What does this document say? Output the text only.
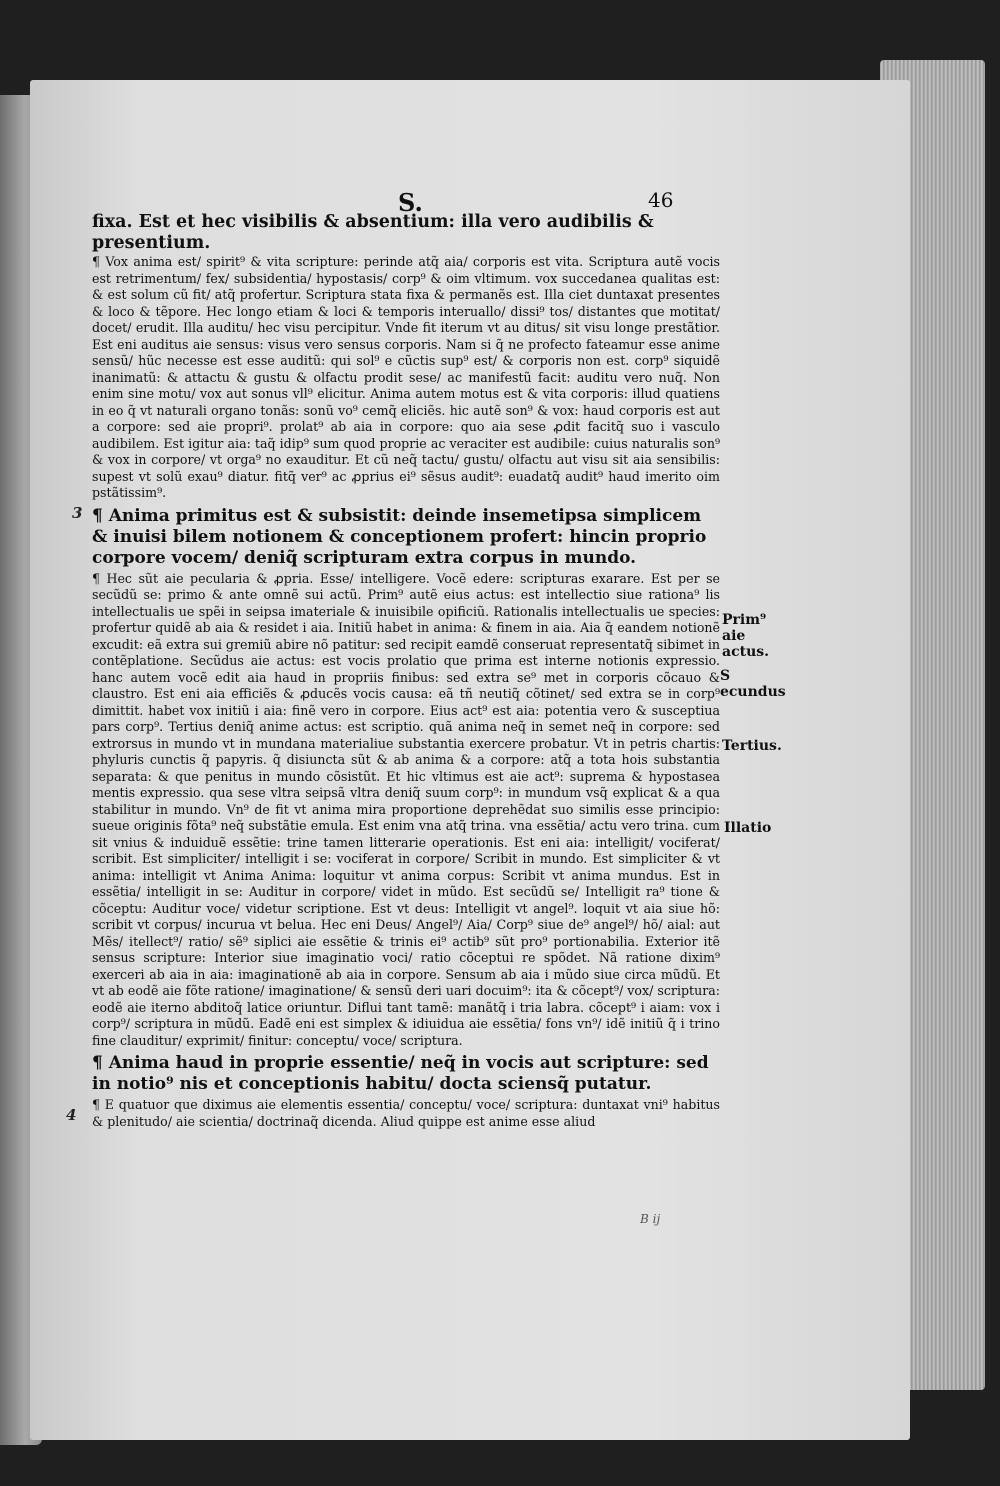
S.	46

fixa. Est et hec visibilis & absentium: illa vero audibilis & presentium.

¶ Vox anima est/ spirit⁹ & vita scripture: perinde atq̃ aia/ corporis est vita. Scriptura autẽ vocis est retrimentum/ fex/ subsidentia/ hypostasis/ corp⁹ & oim vltimum. vox succedanea qualitas est: & est solum cũ fit/ atq̃ profertur. Scriptura stata fixa & permanẽs est. Illa ciet duntaxat presentes & loco & tẽpore. Hec longo etiam & loci & temporis interuallo/ dissi⁹ tos/ distantes que motitat/ docet/ erudit. Illa auditu/ hec visu percipitur. Vnde fit iterum vt au ditus/ sit visu longe prestãtior. Est eni auditus aie sensus: visus vero sensus corporis. Nam si q̃ ne profecto fateamur esse anime sensũ/ hũc necesse est esse auditũ: qui sol⁹ e cũctis sup⁹ est/ & corporis non est. corp⁹ siquidẽ inanimatũ: & attactu & gustu & olfactu prodit sese/ ac manifestũ facit: auditu vero nuq̃. Non enim sine motu/ vox aut sonus vll⁹ elicitur. Anima autem motus est & vita corporis: illud quatiens in eo q̃ vt naturali organo tonãs: sonũ vo⁹ cemq̃ eliciẽs. hic autẽ son⁹ & vox: haud corporis est aut a corpore: sed aie propri⁹. prolat⁹ ab aia in corpore: quo aia sese ꝓdit facitq̃ suo i vasculo audibilem. Est igitur aia: taq̃ idip⁹ sum quod proprie ac veraciter est audibile: cuius naturalis son⁹ & vox in corpore/ vt orga⁹ no exauditur. Et cũ neq̃ tactu/ gustu/ olfactu aut visu sit aia sensibilis: supest vt solũ exau⁹ diatur. fitq̃ ver⁹ ac ꝓprius ei⁹ sẽsus audit⁹: euadatq̃ audit⁹ haud imerito oim pstãtissim⁹.

¶ Anima primitus est & subsistit: deinde insemetipsa simplicem & inuisi bilem notionem & conceptionem profert: hincin proprio corpore vocem/ deniq̃ scripturam extra corpus in mundo.

¶ Hec sũt aie pecularia & ꝓpria. Esse/ intelligere. Vocẽ edere: scripturas exarare. Est per se secũdũ se: primo & ante omnẽ sui actũ. Prim⁹ autẽ eius actus: est intellectio siue rationa⁹ lis intellectualis ue spẽi in seipsa imateriale & inuisibile opificiũ. Rationalis intellectualis ue species: profertur quidẽ ab aia & residet i aia. Initiũ habet in anima: & finem in aia. Aia q̃ eandem notionẽ excudit: eã extra sui gremiũ abire nõ patitur: sed recipit eamdẽ conseruat representatq̃ sibimet in contẽplatione. Secũdus aie actus: est vocis prolatio que prima est interne notionis expressio. hanc autem vocẽ edit aia haud in propriis finibus: sed extra se⁹ met in corporis cõcauo & claustro. Est eni aia efficiẽs & ꝓducẽs vocis causa: eã tñ neutiq̃ cõtinet/ sed extra se in corp⁹ dimittit. habet vox initiũ i aia: finẽ vero in corpore. Eius act⁹ est aia: potentia vero & susceptiua pars corp⁹. Tertius deniq̃ anime actus: est scriptio. quã anima neq̃ in semet neq̃ in corpore: sed extrorsus in mundo vt in mundana materialiue substantia exercere probatur. Vt in petris chartis: phyluris cunctis q̃ papyris. q̃ disiuncta sũt & ab anima & a corpore: atq̃ a tota hois substantia separata: & que penitus in mundo cõsistũt. Et hic vltimus est aie act⁹: suprema & hypostasea mentis expressio. qua sese vltra seipsã vltra deniq̃ suum corp⁹: in mundum vsq̃ explicat & a qua stabilitur in mundo. Vn⁹ de fit vt anima mira proportione deprehẽdat suo similis esse principio: sueue originis fõta⁹ neq̃ substãtie emula. Est enim vna atq̃ trina. vna essẽtia/ actu vero trina. cum sit vnius & induiduẽ essẽtie: trine tamen litterarie operationis. Est eni aia: intelligit/ vociferat/ scribit. Est simpliciter/ intelligit i se: vociferat in corpore/ Scribit in mundo. Est simpliciter & vt anima: intelligit vt Anima Anima: loquitur vt anima corpus: Scribit vt anima mundus. Est in essẽtia/ intelligit in se: Auditur in corpore/ videt in mũdo. Est secũdũ se/ Intelligit ra⁹ tione & cõceptu: Auditur voce/ videtur scriptione. Est vt deus: Intelligit vt angel⁹. loquit vt aia siue hõ: scribit vt corpus/ incurua vt belua. Hec eni Deus/ Angel⁹/ Aia/ Corp⁹ siue de⁹ angel⁹/ hõ/ aial: aut Mẽs/ itellect⁹/ ratio/ sẽ⁹ siplici aie essẽtie & trinis ei⁹ actib⁹ sũt pro⁹ portionabilia. Exterior itẽ sensus scripture: Interior siue imaginatio voci/ ratio cõceptui re spõdet. Nã ratione dixim⁹ exerceri ab aia in aia: imaginationẽ ab aia in corpore. Sensum ab aia i mũdo siue circa mũdũ. Et vt ab eodẽ aie fõte ratione/ imaginatione/ & sensũ deri uari docuim⁹: ita & cõcept⁹/ vox/ scriptura: eodẽ aie iterno abditoq̃ latice oriuntur. Diflui tant tamẽ: manãtq̃ i tria labra. cõcept⁹ i aiam: vox i corp⁹/ scriptura in mũdũ. Eadẽ eni est simplex & idiuidua aie essẽtia/ fons vn⁹/ idẽ initiũ q̃ i trino fine clauditur/ exprimit/ finitur: conceptu/ voce/ scriptura.

¶ Anima haud in proprie essentie/ neq̃ in vocis aut scripture: sed in notio⁹ nis et conceptionis habitu/ docta sciensq̃ putatur.

¶ E quatuor que diximus aie elementis essentia/ conceptu/ voce/ scriptura: duntaxat vni⁹ habitus & plenitudo/ aie scientia/ doctrinaq̃ dicenda. Aliud quippe est anime esse aliud

Prim⁹ aie actus.
S ecundus
Tertius.
Illatio
3
4
B ij
